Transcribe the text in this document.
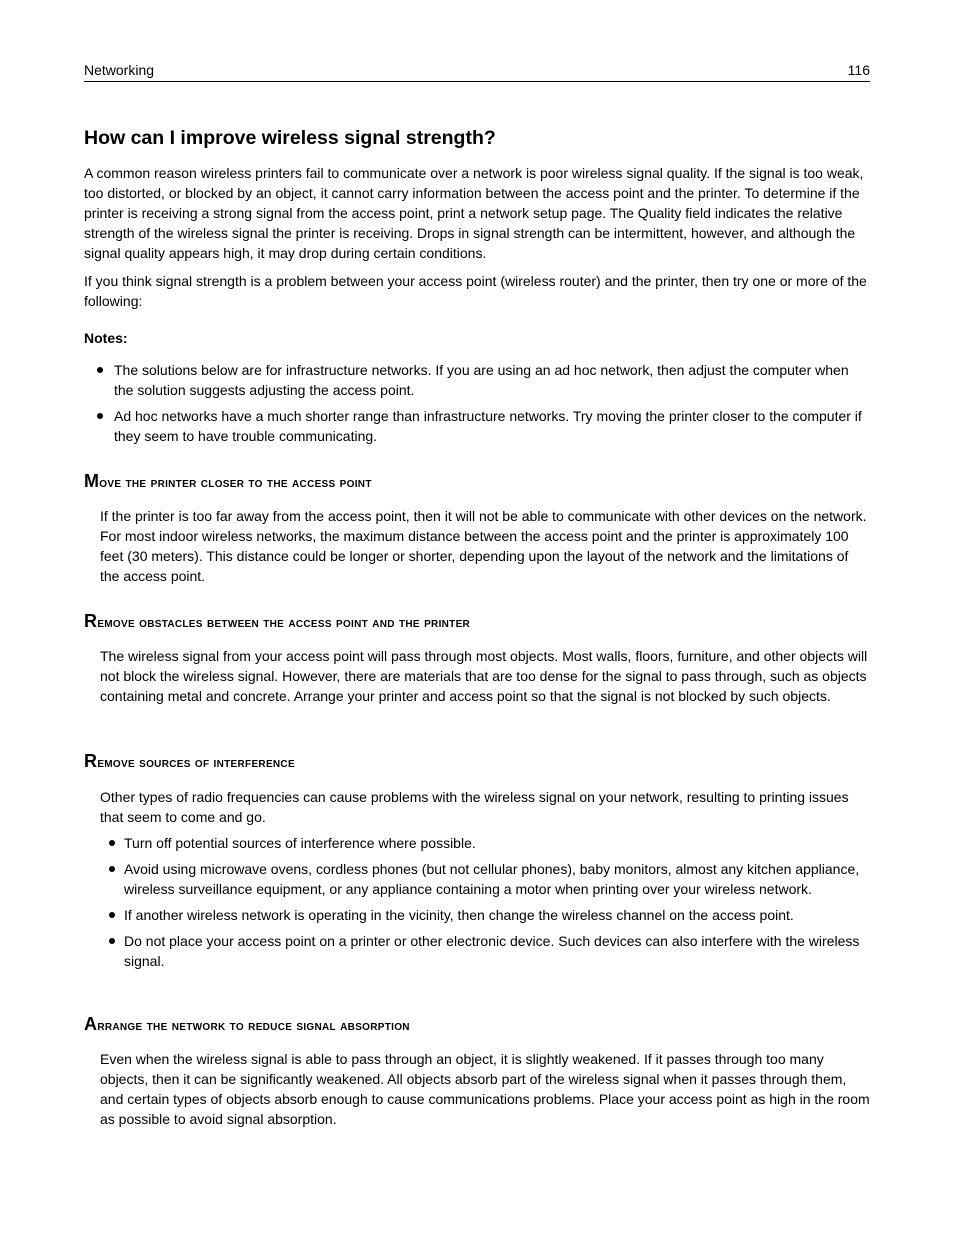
Networking	116
How can I improve wireless signal strength?

A common reason wireless printers fail to communicate over a network is poor wireless signal quality. If the signal is too weak, too distorted, or blocked by an object, it cannot carry information between the access point and the printer. To determine if the printer is receiving a strong signal from the access point, print a network setup page. The Quality field indicates the relative strength of the wireless signal the printer is receiving. Drops in signal strength can be intermittent, however, and although the signal quality appears high, it may drop during certain conditions.

If you think signal strength is a problem between your access point (wireless router) and the printer, then try one or more of the following:

Notes:

The solutions below are for infrastructure networks. If you are using an ad hoc network, then adjust the computer when the solution suggests adjusting the access point.
Ad hoc networks have a much shorter range than infrastructure networks. Try moving the printer closer to the computer if they seem to have trouble communicating.
Move the printer closer to the access point

If the printer is too far away from the access point, then it will not be able to communicate with other devices on the network. For most indoor wireless networks, the maximum distance between the access point and the printer is approximately 100 feet (30 meters). This distance could be longer or shorter, depending upon the layout of the network and the limitations of the access point.

Remove obstacles between the access point and the printer

The wireless signal from your access point will pass through most objects. Most walls, floors, furniture, and other objects will not block the wireless signal. However, there are materials that are too dense for the signal to pass through, such as objects containing metal and concrete. Arrange your printer and access point so that the signal is not blocked by such objects.

Remove sources of interference

Other types of radio frequencies can cause problems with the wireless signal on your network, resulting to printing issues that seem to come and go.

Turn off potential sources of interference where possible.
Avoid using microwave ovens, cordless phones (but not cellular phones), baby monitors, almost any kitchen appliance, wireless surveillance equipment, or any appliance containing a motor when printing over your wireless network.
If another wireless network is operating in the vicinity, then change the wireless channel on the access point.
Do not place your access point on a printer or other electronic device. Such devices can also interfere with the wireless signal.
Arrange the network to reduce signal absorption

Even when the wireless signal is able to pass through an object, it is slightly weakened. If it passes through too many objects, then it can be significantly weakened. All objects absorb part of the wireless signal when it passes through them, and certain types of objects absorb enough to cause communications problems. Place your access point as high in the room as possible to avoid signal absorption.
